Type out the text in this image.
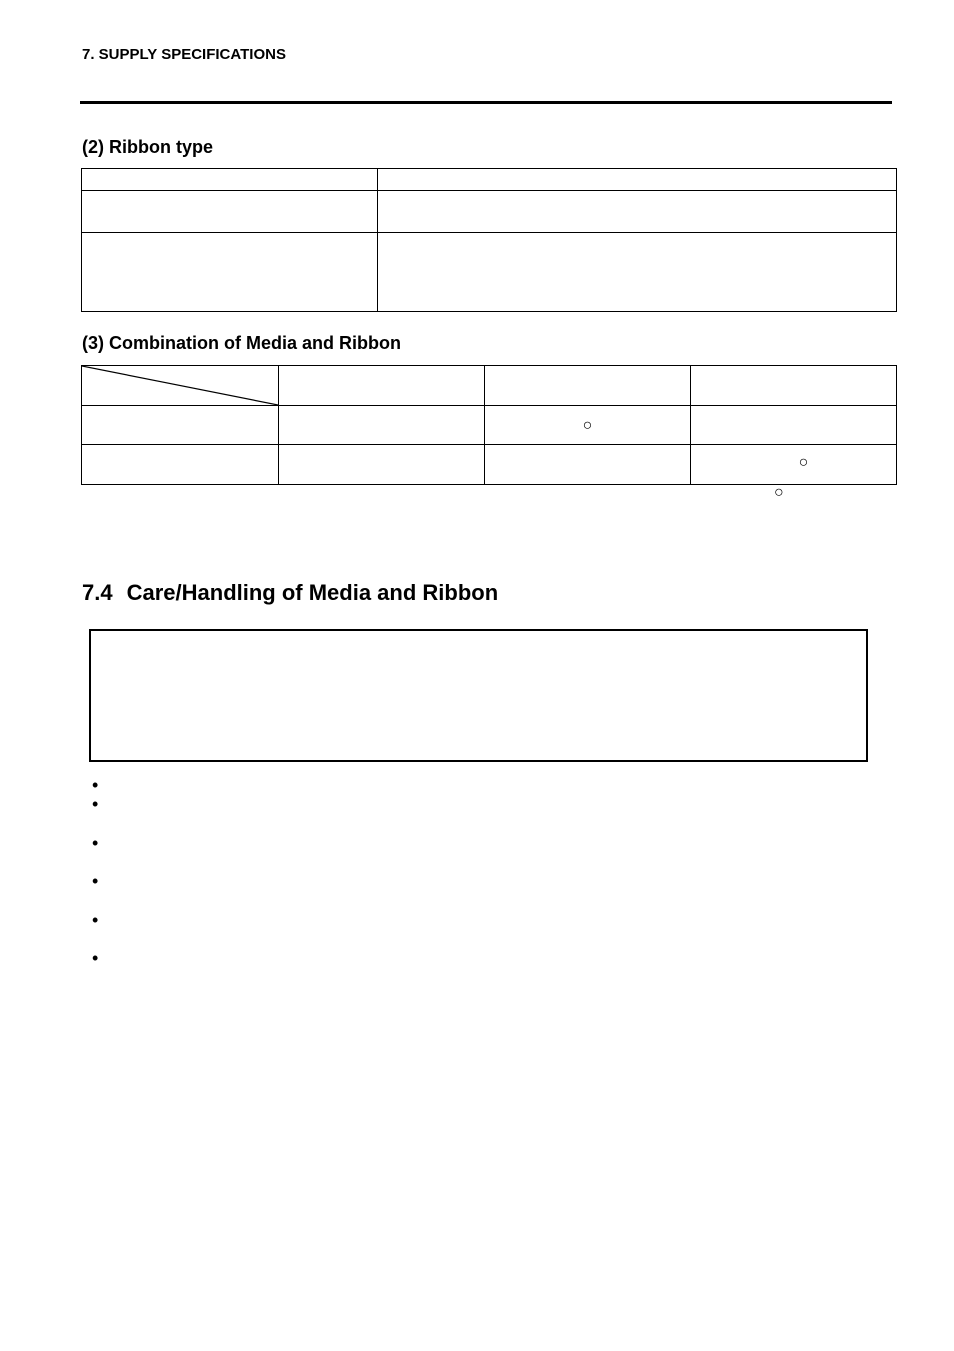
7. SUPPLY SPECIFICATIONS
(2) Ribbon type

(3) Combination of Media and Ribbon

		○	
			○
○
7.4 Care/Handling of Media and Ribbon
•
•
•
•
•
•
